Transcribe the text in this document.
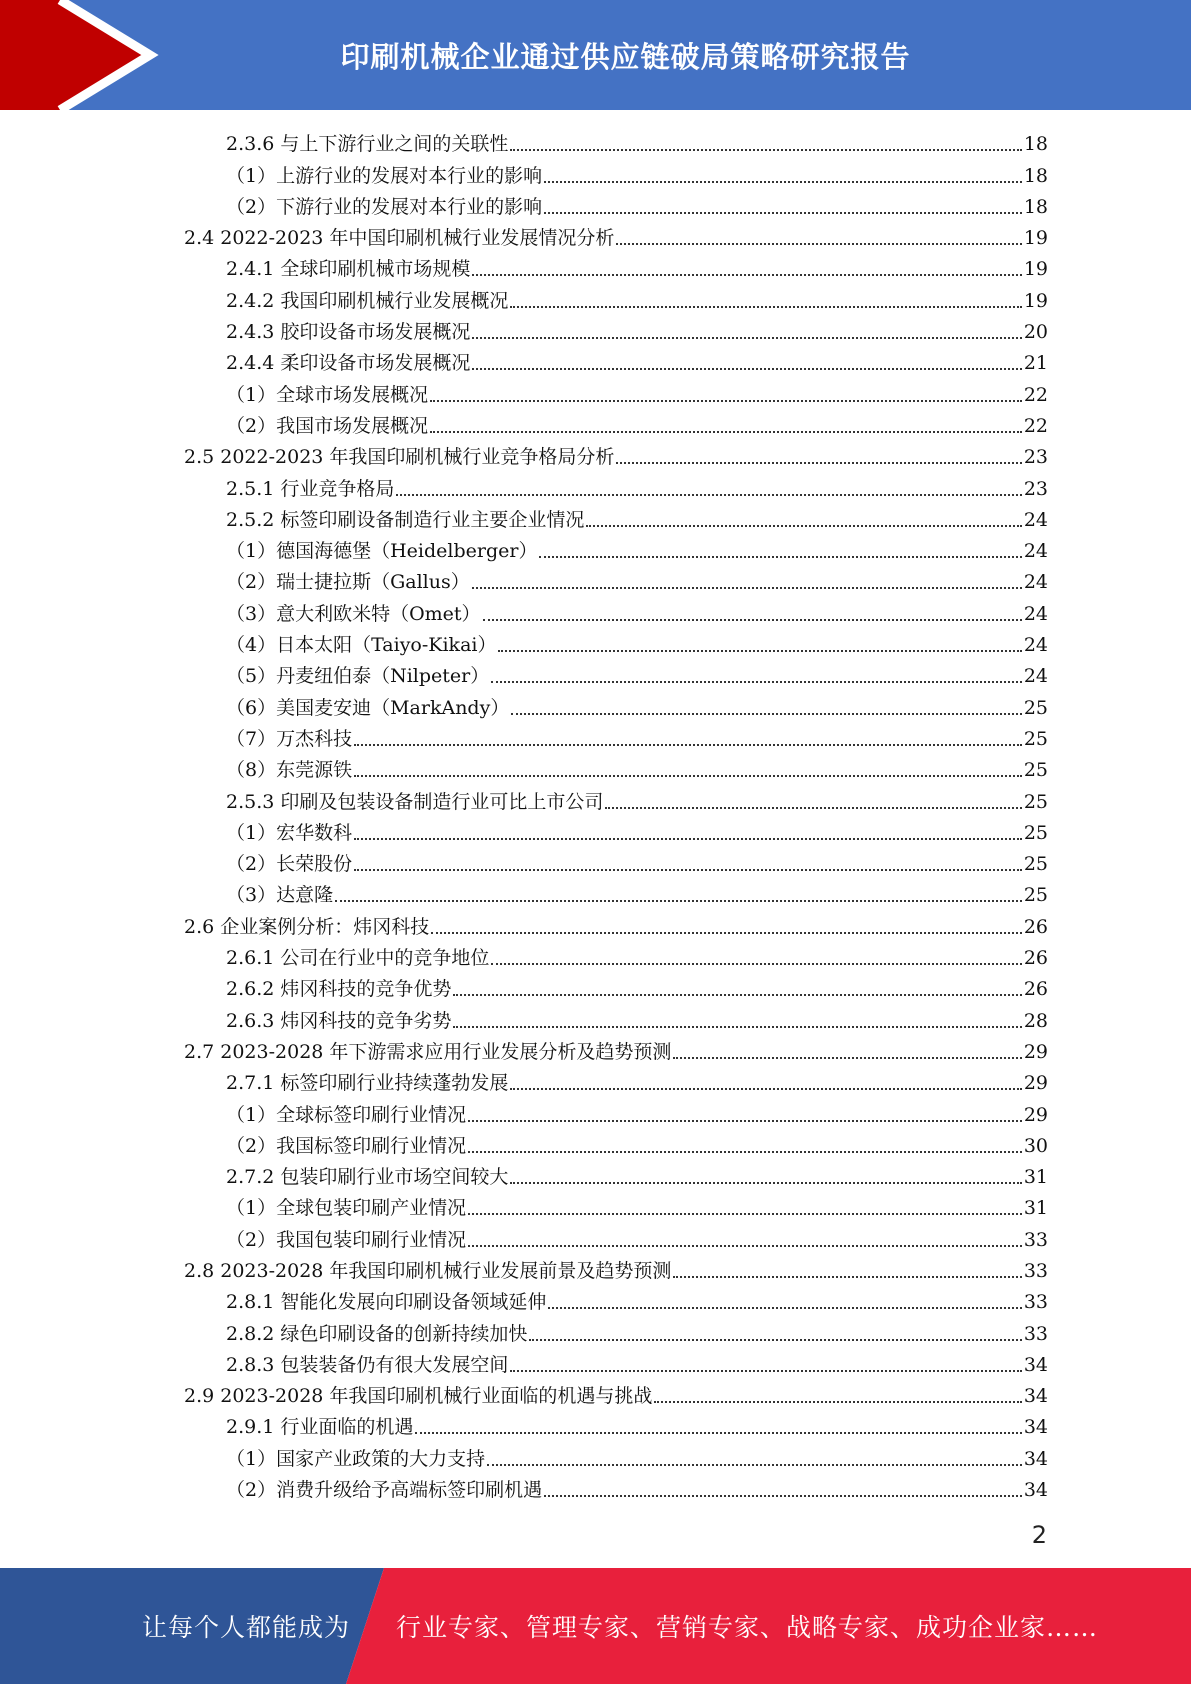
印刷机械企业通过供应链破局策略研究报告
2.3.6 与上下游行业之间的关联性	18
（1）上游行业的发展对本行业的影响	18
（2）下游行业的发展对本行业的影响	18
2.4 2022-2023 年中国印刷机械行业发展情况分析	19
2.4.1 全球印刷机械市场规模	19
2.4.2 我国印刷机械行业发展概况	19
2.4.3 胶印设备市场发展概况	20
2.4.4 柔印设备市场发展概况	21
（1）全球市场发展概况	22
（2）我国市场发展概况	22
2.5 2022-2023 年我国印刷机械行业竞争格局分析	23
2.5.1 行业竞争格局	23
2.5.2 标签印刷设备制造行业主要企业情况	24
（1）德国海德堡（Heidelberger）	24
（2）瑞士捷拉斯（Gallus）	24
（3）意大利欧米特（Omet）	24
（4）日本太阳（Taiyo-Kikai）	24
（5）丹麦纽伯泰（Nilpeter）	24
（6）美国麦安迪（MarkAndy）	25
（7）万杰科技	25
（8）东莞源铁	25
2.5.3 印刷及包装设备制造行业可比上市公司	25
（1）宏华数科	25
（2）长荣股份	25
（3）达意隆	25
2.6 企业案例分析：炜冈科技	26
2.6.1 公司在行业中的竞争地位	26
2.6.2 炜冈科技的竞争优势	26
2.6.3 炜冈科技的竞争劣势	28
2.7 2023-2028 年下游需求应用行业发展分析及趋势预测	29
2.7.1 标签印刷行业持续蓬勃发展	29
（1）全球标签印刷行业情况	29
（2）我国标签印刷行业情况	30
2.7.2 包装印刷行业市场空间较大	31
（1）全球包装印刷产业情况	31
（2）我国包装印刷行业情况	33
2.8 2023-2028 年我国印刷机械行业发展前景及趋势预测	33
2.8.1 智能化发展向印刷设备领域延伸	33
2.8.2 绿色印刷设备的创新持续加快	33
2.8.3 包装装备仍有很大发展空间	34
2.9 2023-2028 年我国印刷机械行业面临的机遇与挑战	34
2.9.1 行业面临的机遇	34
（1）国家产业政策的大力支持	34
（2）消费升级给予高端标签印刷机遇	34
2
让每个人都能成为 行业专家、管理专家、营销专家、战略专家、成功企业家……
